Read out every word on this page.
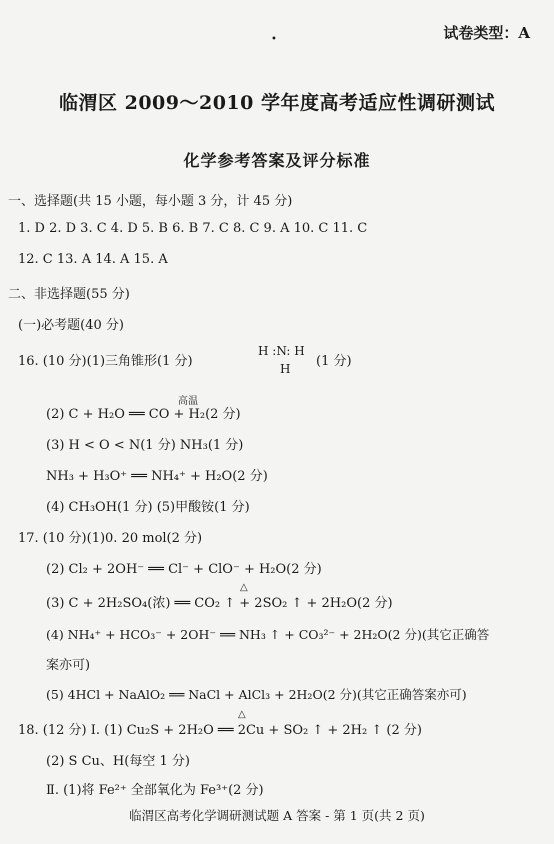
试卷类型：A
•
临渭区 2009～2010 学年度高考适应性调研测试
化学参考答案及评分标准
一、选择题(共 15 小题，每小题 3 分，计 45 分)
1. D 2. D 3. C 4. D 5. B 6. B 7. C 8. C 9. A 10. C 11. C
12. C 13. A 14. A 15. A
二、非选择题(55 分)
(一)必考题(40 分)
16. (10 分)(1)三角锥形(1 分)
H :N: H
H (1 分)
高温
(2) C + H₂O ══ CO + H₂(2 分)
(3) H < O < N(1 分) NH₃(1 分)
NH₃ + H₃O⁺ ══ NH₄⁺ + H₂O(2 分)
(4) CH₃OH(1 分) (5)甲酸铵(1 分)
17. (10 分)(1)0. 20 mol(2 分)
(2) Cl₂ + 2OH⁻ ══ Cl⁻ + ClO⁻ + H₂O(2 分)
△
(3) C + 2H₂SO₄(浓) ══ CO₂ ↑ + 2SO₂ ↑ + 2H₂O(2 分)
(4) NH₄⁺ + HCO₃⁻ + 2OH⁻ ══ NH₃ ↑ + CO₃²⁻ + 2H₂O(2 分)(其它正确答
案亦可)
(5) 4HCl + NaAlO₂ ══ NaCl + AlCl₃ + 2H₂O(2 分)(其它正确答案亦可)
△
18. (12 分) Ⅰ. (1) Cu₂S + 2H₂O ══ 2Cu + SO₂ ↑ + 2H₂ ↑ (2 分)
(2) S Cu、H(每空 1 分)
Ⅱ. (1)将 Fe²⁺ 全部氧化为 Fe³⁺(2 分)
临渭区高考化学调研测试题 A 答案 - 第 1 页(共 2 页)
